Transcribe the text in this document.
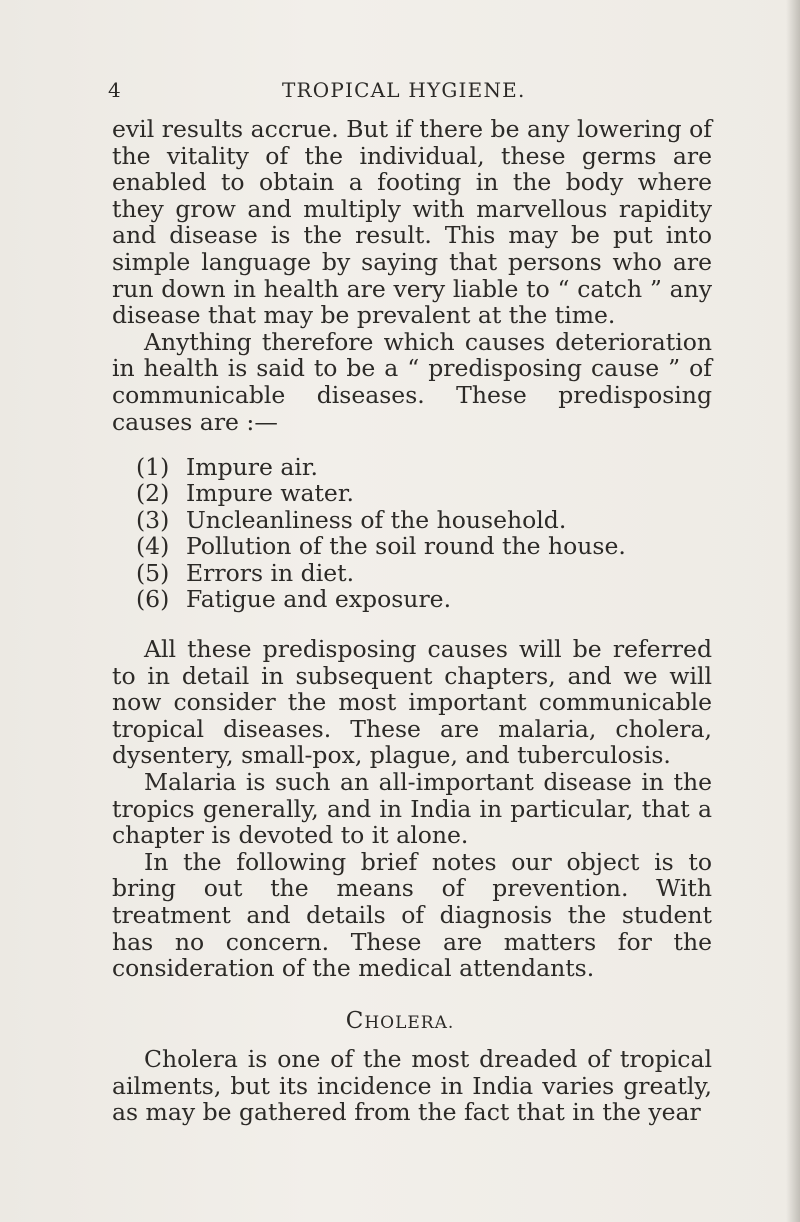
4	TROPICAL HYGIENE.

evil results accrue. But if there be any lowering of the vitality of the individual, these germs are enabled to obtain a footing in the body where they grow and multiply with marvellous rapidity and disease is the result. This may be put into simple language by saying that persons who are run down in health are very liable to “ catch ” any disease that may be prevalent at the time.

Anything therefore which causes deterioration in health is said to be a “ predisposing cause ” of communicable diseases. These predisposing causes are :—

(1) Impure air.
(2) Impure water.
(3) Uncleanliness of the household.
(4) Pollution of the soil round the house.
(5) Errors in diet.
(6) Fatigue and exposure.

All these predisposing causes will be referred to in detail in subsequent chapters, and we will now consider the most important communicable tropical diseases. These are malaria, cholera, dysentery, small-pox, plague, and tuberculosis.

Malaria is such an all-important disease in the tropics generally, and in India in particular, that a chapter is devoted to it alone.

In the following brief notes our object is to bring out the means of prevention. With treatment and details of diagnosis the student has no concern. These are matters for the consideration of the medical attendants.

CHOLERA.

Cholera is one of the most dreaded of tropical ailments, but its incidence in India varies greatly, as may be gathered from the fact that in the year
